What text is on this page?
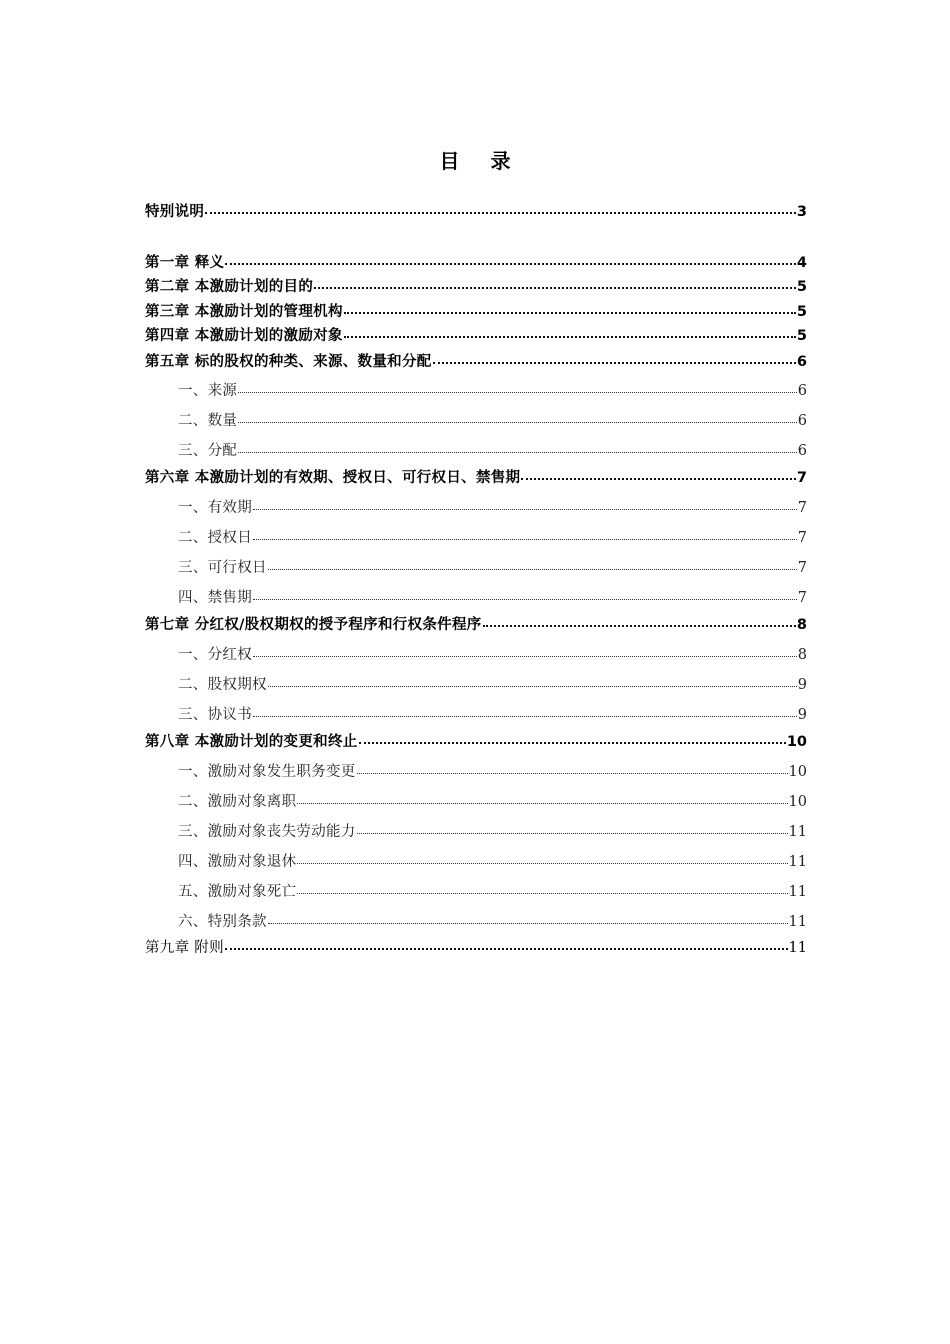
目 录
特别说明	3
第一章 释义	4
第二章 本激励计划的目的	5
第三章 本激励计划的管理机构	5
第四章 本激励计划的激励对象	5
第五章 标的股权的种类、来源、数量和分配	6
一、来源	6
二、数量	6
三、分配	6
第六章 本激励计划的有效期、授权日、可行权日、禁售期	7
一、有效期	7
二、授权日	7
三、可行权日	7
四、禁售期	7
第七章 分红权/股权期权的授予程序和行权条件程序	8
一、分红权	8
二、股权期权	9
三、协议书	9
第八章 本激励计划的变更和终止	10
一、激励对象发生职务变更	10
二、激励对象离职	10
三、激励对象丧失劳动能力	11
四、激励对象退休	11
五、激励对象死亡	11
六、特别条款	11
第九章 附则	11
